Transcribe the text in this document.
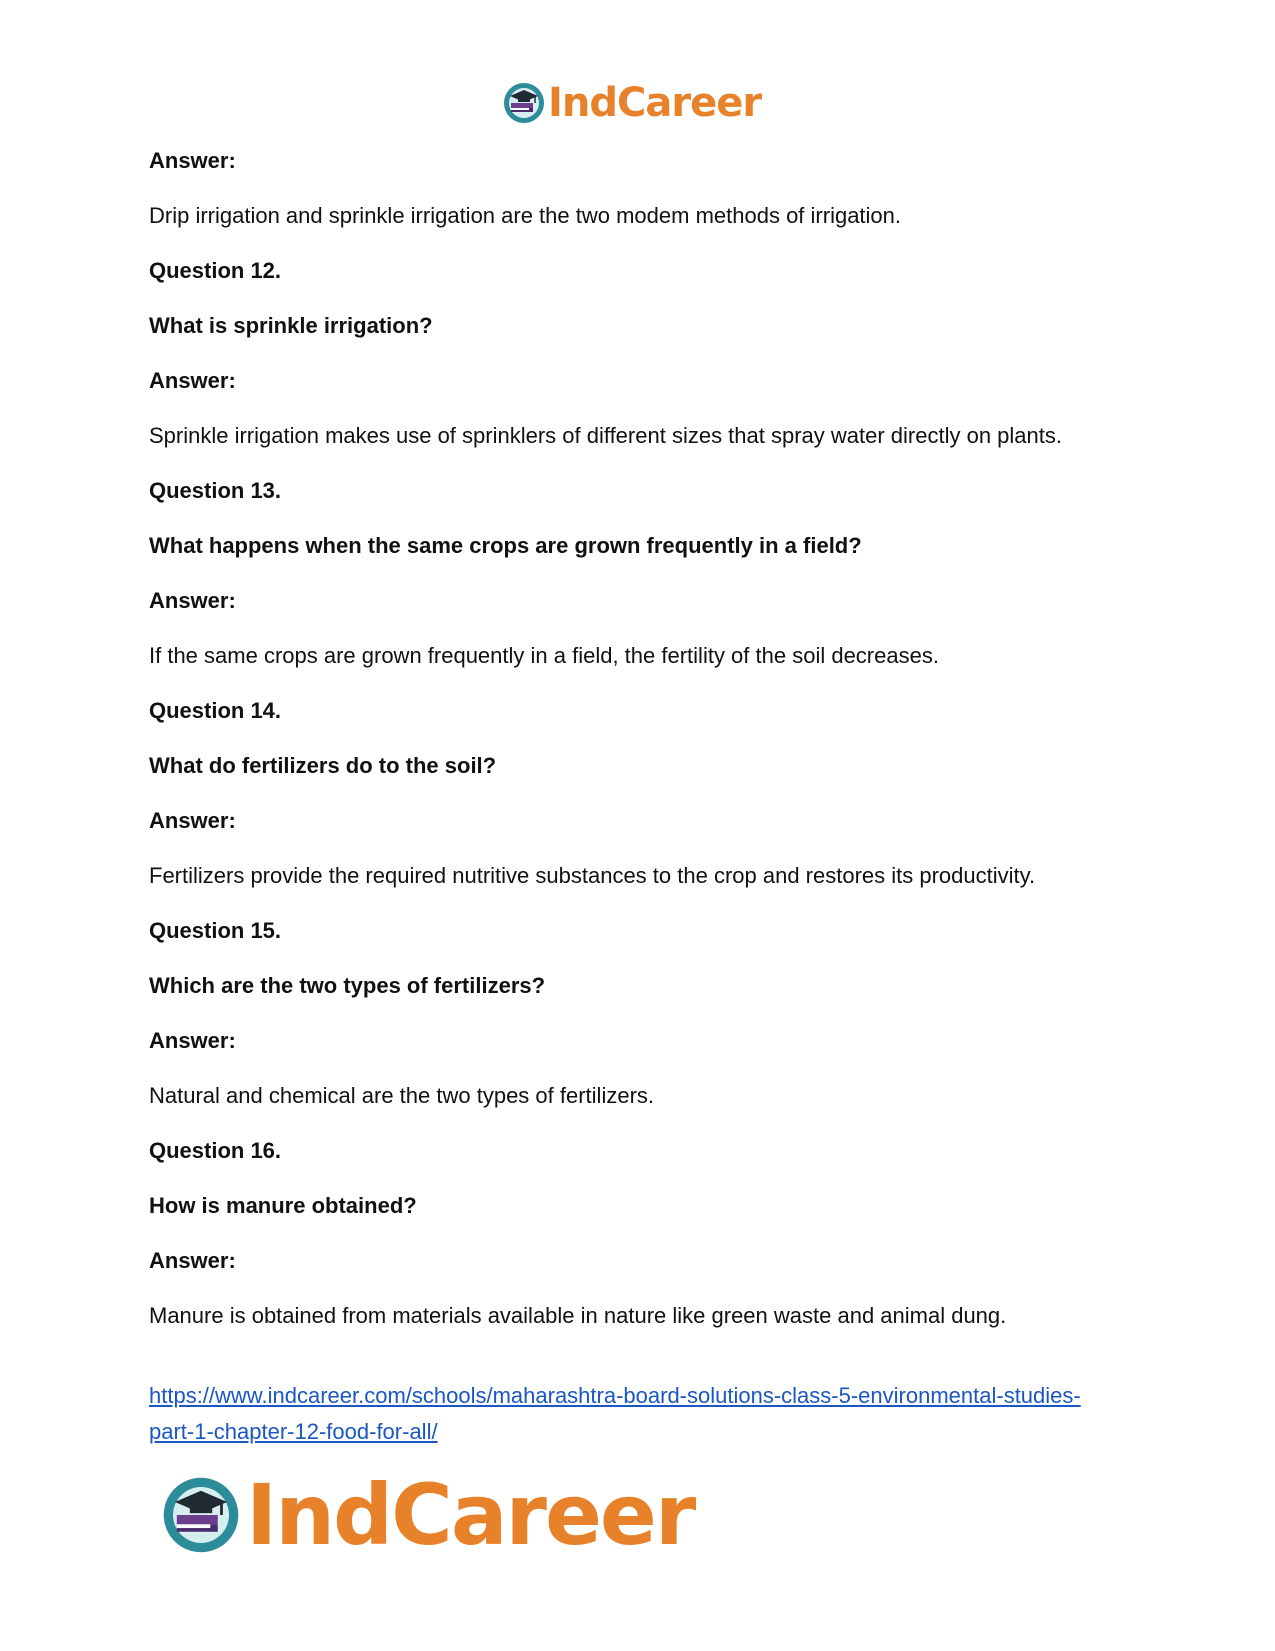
IndCareer

Answer:

Drip irrigation and sprinkle irrigation are the two modem methods of irrigation.

Question 12.

What is sprinkle irrigation?

Answer:

Sprinkle irrigation makes use of sprinklers of different sizes that spray water directly on plants.

Question 13.

What happens when the same crops are grown frequently in a field?

Answer:

If the same crops are grown frequently in a field, the fertility of the soil decreases.

Question 14.

What do fertilizers do to the soil?

Answer:

Fertilizers provide the required nutritive substances to the crop and restores its productivity.

Question 15.

Which are the two types of fertilizers?

Answer:

Natural and chemical are the two types of fertilizers.

Question 16.

How is manure obtained?

Answer:

Manure is obtained from materials available in nature like green waste and animal dung.

https://www.indcareer.com/schools/maharashtra-board-solutions-class-5-environmental-studies-
part-1-chapter-12-food-for-all/
IndCareer
